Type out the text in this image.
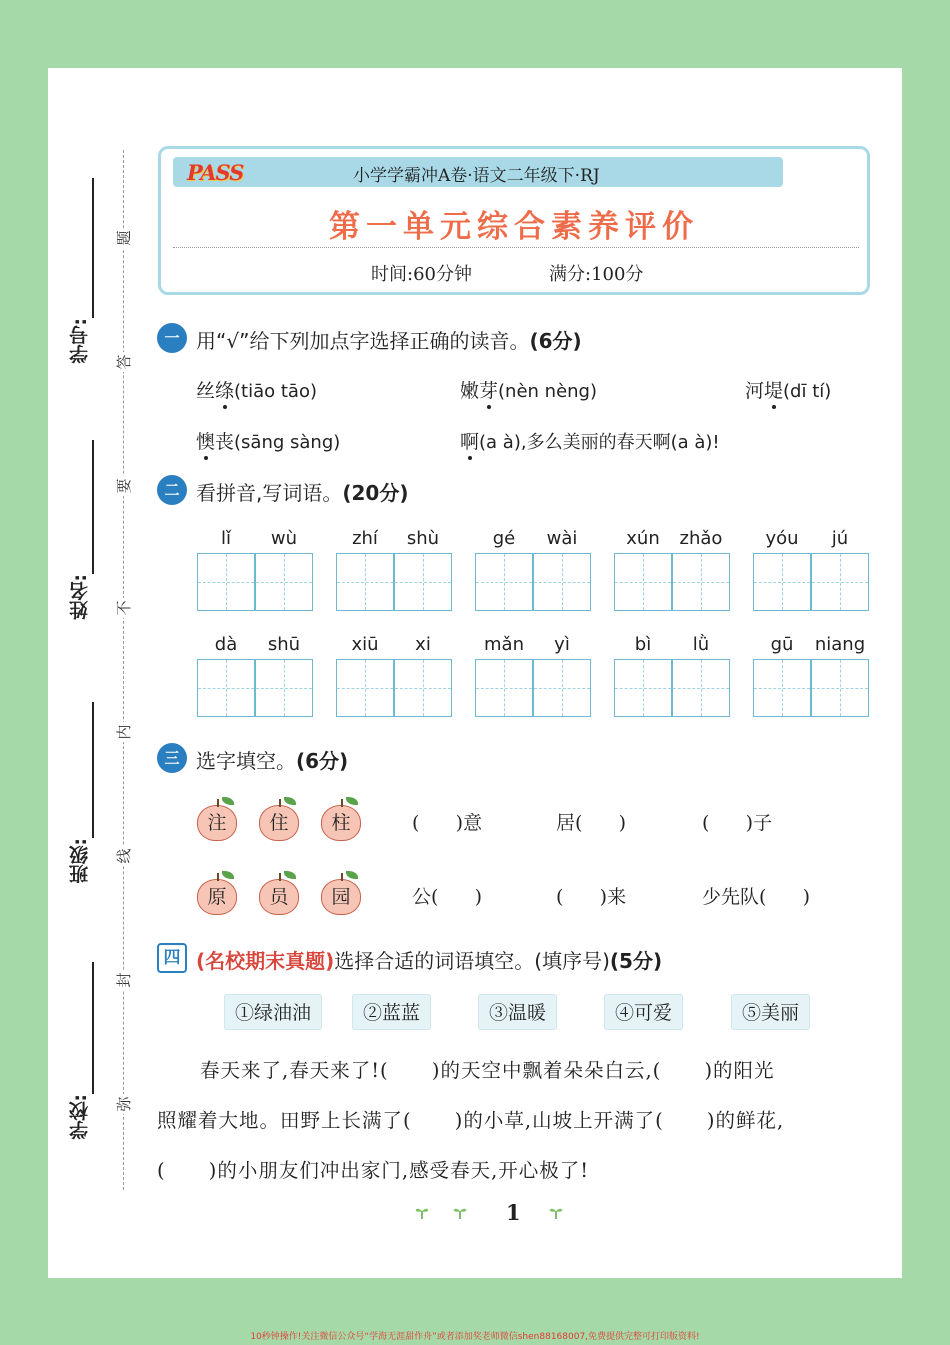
学号:
姓名:
班级:
学校:
题
答
要
不
内
线
封
弥
PASS	小学学霸冲A卷·语文二年级下·RJ
第一单元综合素养评价
时间:60分钟	满分:100分
一 用“√”给下列加点字选择正确的读音。(6分)
丝绦(tiāo tāo)	嫩芽(nèn nèng)	河堤(dī tí)
懊丧(sāng sàng)	啊(a à),多么美丽的春天啊(a à)!
二 看拼音,写词语。(20分)
lǐ	wù	zhí	shù	gé	wài	xún	zhǎo	yóu	jú
dà	shū	xiū	xi	mǎn	yì	bì	lǜ	gū	niang
三 选字填空。(6分)
注	住	柱	(      )意	居(      )	(      )子
原	员	园	公(      )	(      )来	少先队(      )
四 (名校期末真题)选择合适的词语填空。(填序号)(5分)
①绿油油	②蓝蓝	③温暖	④可爱	⑤美丽
春天来了,春天来了!(      )的天空中飘着朵朵白云,(      )的阳光
照耀着大地。田野上长满了(      )的小草,山坡上开满了(      )的鲜花,
(      )的小朋友们冲出家门,感受春天,开心极了!
1
10秒钟操作!关注微信公众号“学海无涯甜作舟”或者添加奖老师微信shen88168007,免费提供完整可打印版资料!
